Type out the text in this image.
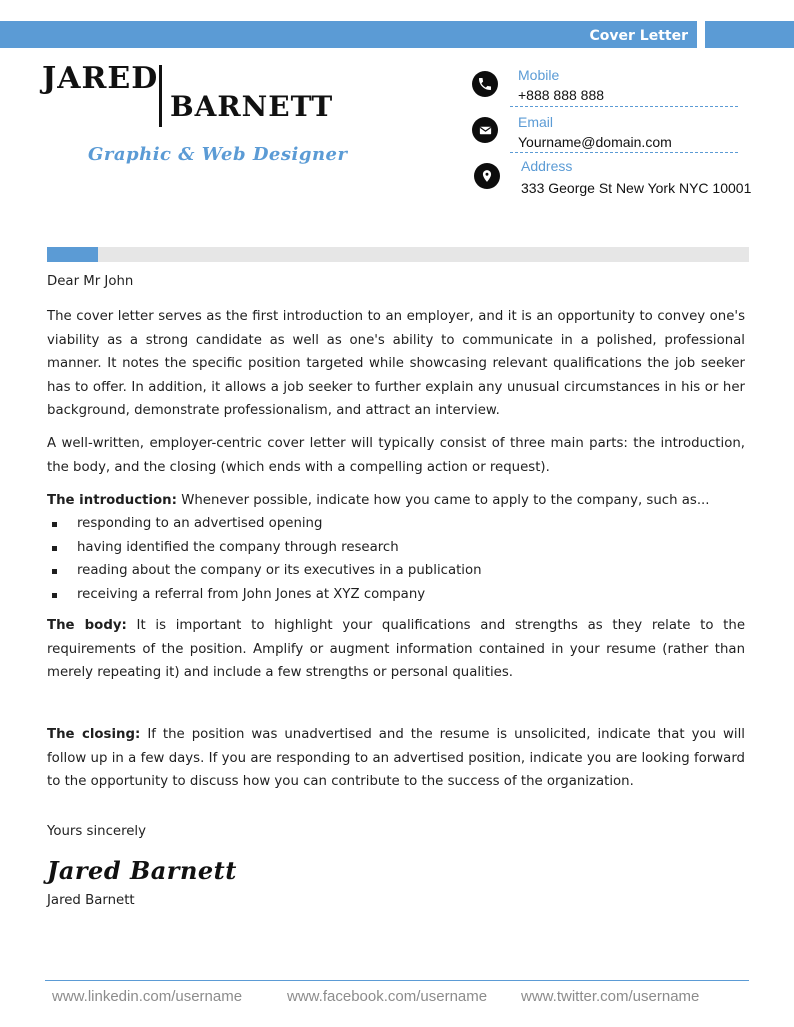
Cover Letter
JARED
BARNETT
Graphic & Web Designer
Mobile
+888 888 888
Email
Yourname@domain.com
Address
333 George St New York NYC 10001
Dear Mr John
The cover letter serves as the first introduction to an employer, and it is an opportunity to convey one's viability as a strong candidate as well as one's ability to communicate in a polished, professional manner. It notes the specific position targeted while showcasing relevant qualifications the job seeker has to offer. In addition, it allows a job seeker to further explain any unusual circumstances in his or her background, demonstrate professionalism, and attract an interview.
A well-written, employer-centric cover letter will typically consist of three main parts: the introduction, the body, and the closing (which ends with a compelling action or request).
The introduction: Whenever possible, indicate how you came to apply to the company, such as...
responding to an advertised opening
having identified the company through research
reading about the company or its executives in a publication
receiving a referral from John Jones at XYZ company
The body: It is important to highlight your qualifications and strengths as they relate to the requirements of the position. Amplify or augment information contained in your resume (rather than merely repeating it) and include a few strengths or personal qualities.
The closing: If the position was unadvertised and the resume is unsolicited, indicate that you will follow up in a few days. If you are responding to an advertised position, indicate you are looking forward to the opportunity to discuss how you can contribute to the success of the organization.
Yours sincerely
Jared Barnett
Jared Barnett
www.linkedin.com/username	www.facebook.com/username www.twitter.com/username
